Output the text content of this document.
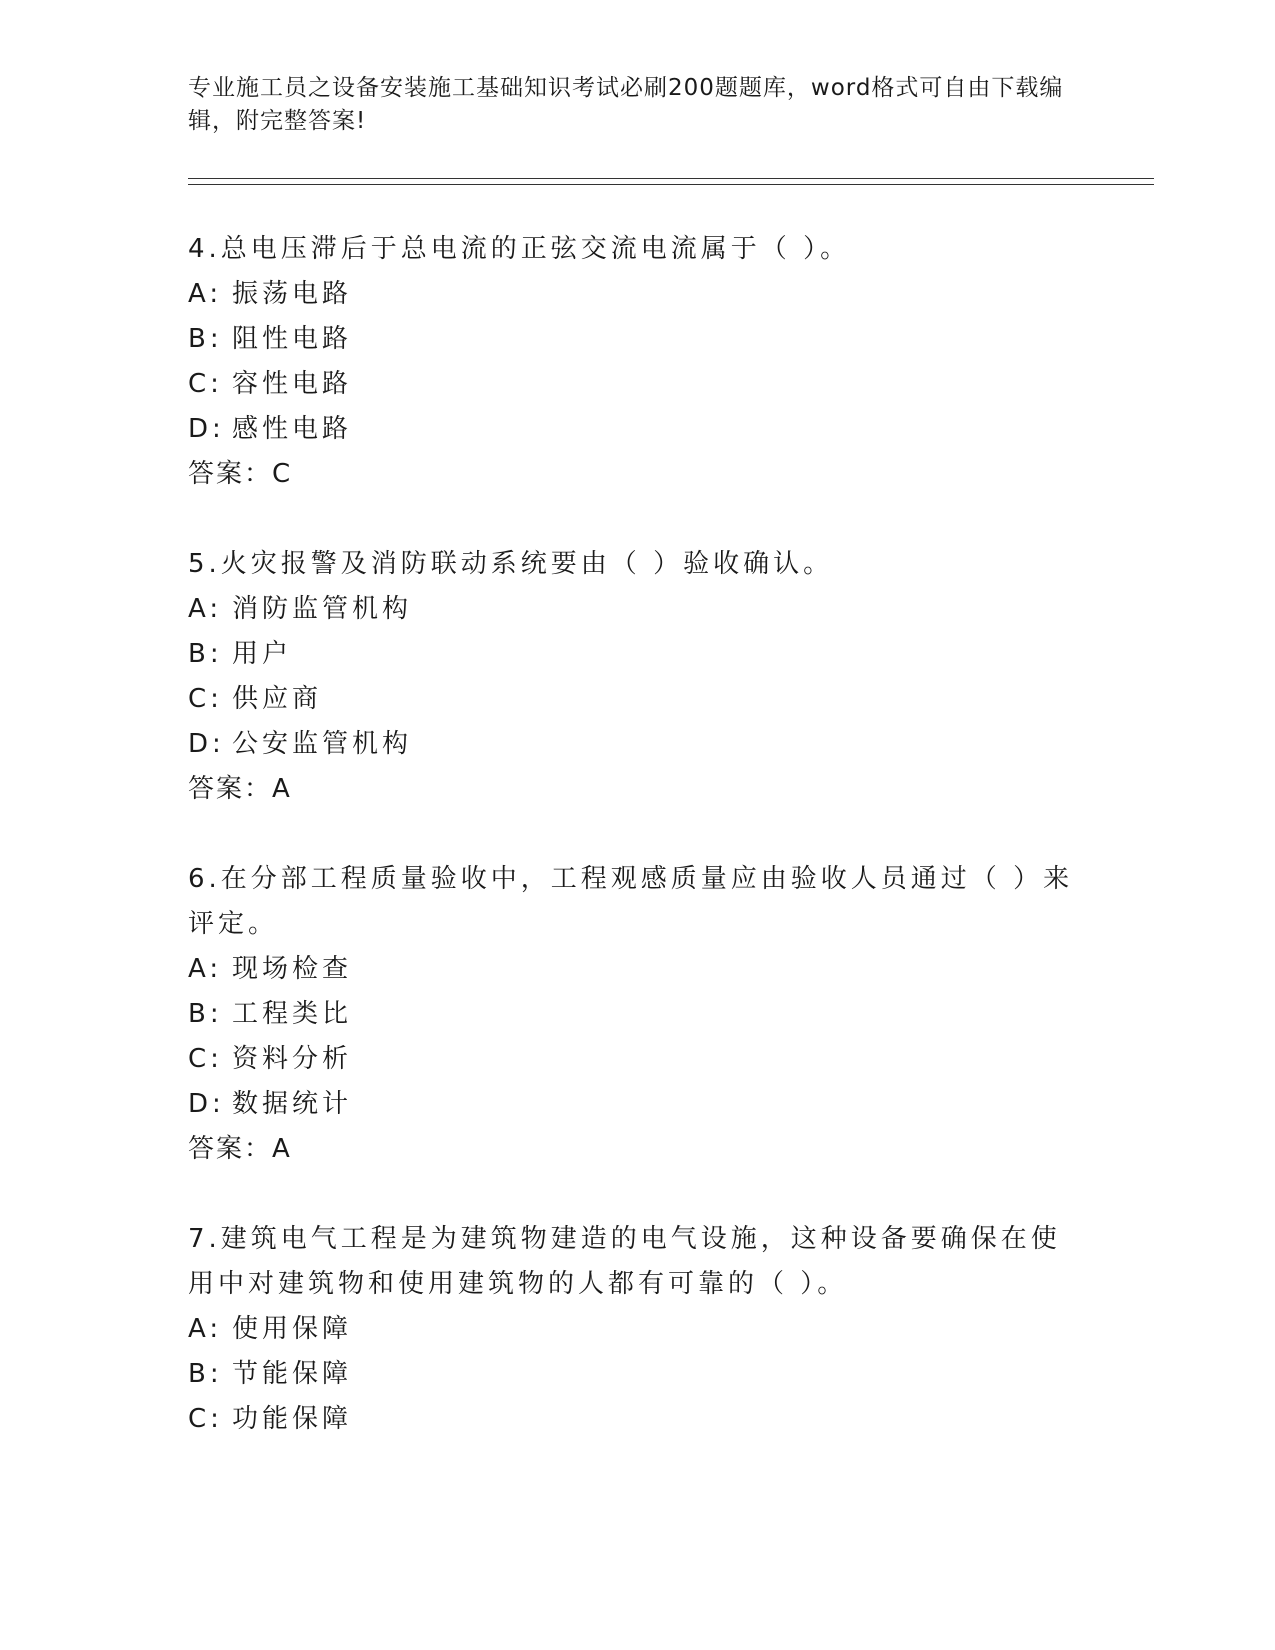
专业施工员之设备安装施工基础知识考试必刷200题题库，word格式可自由下载编辑，附完整答案!
4.总电压滞后于总电流的正弦交流电流属于（ ）。
A: 振荡电路
B: 阻性电路
C: 容性电路
D: 感性电路
答案：C
5.火灾报警及消防联动系统要由（ ）验收确认。
A: 消防监管机构
B: 用户
C: 供应商
D: 公安监管机构
答案：A
6.在分部工程质量验收中，工程观感质量应由验收人员通过（ ）来评定。
A: 现场检查
B: 工程类比
C: 资料分析
D: 数据统计
答案：A
7.建筑电气工程是为建筑物建造的电气设施，这种设备要确保在使用中对建筑物和使用建筑物的人都有可靠的（ ）。
A: 使用保障
B: 节能保障
C: 功能保障
